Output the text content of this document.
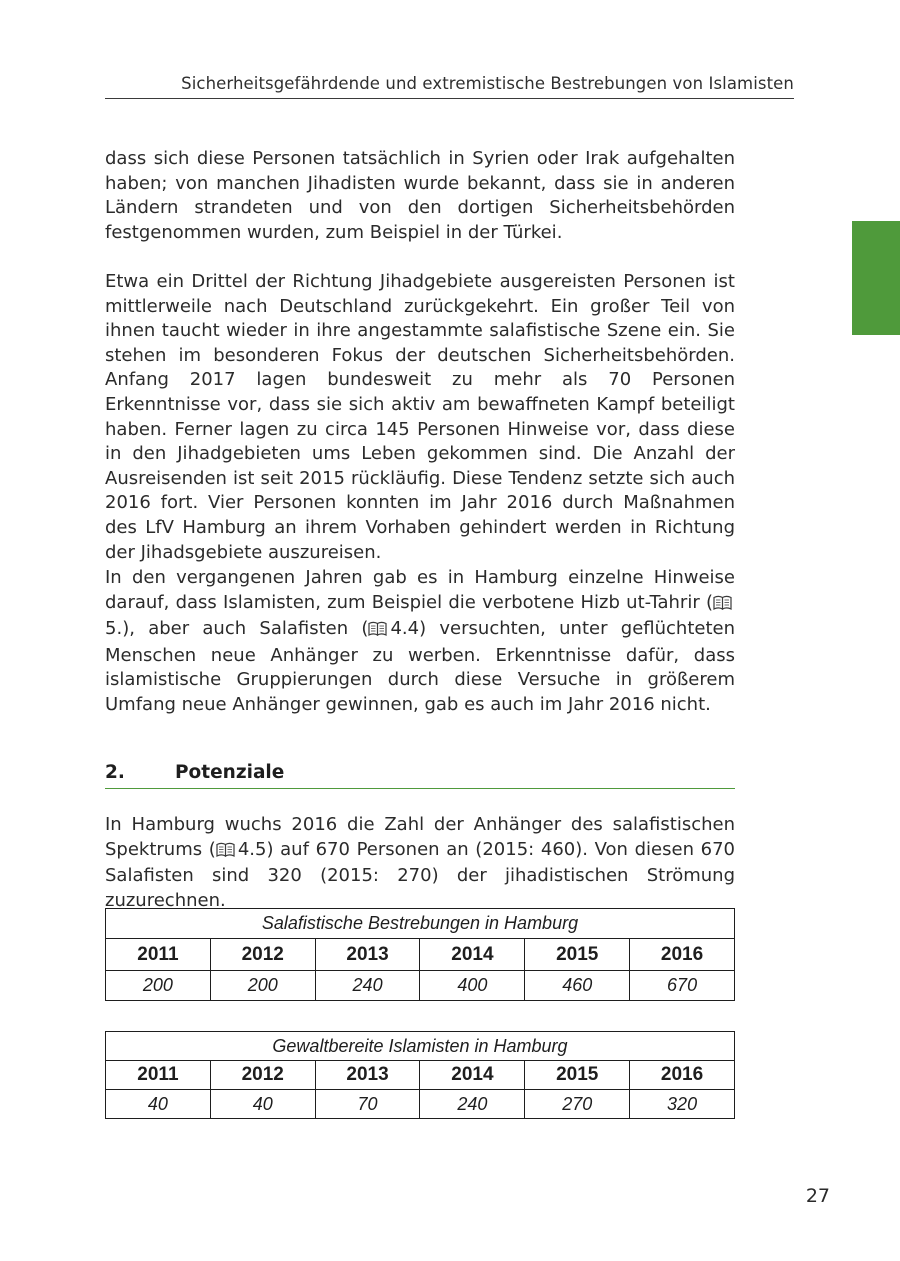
Sicherheitsgefährdende und extremistische Bestrebungen von Islamisten

dass sich diese Personen tatsächlich in Syrien oder Irak aufgehalten haben; von manchen Jihadisten wurde bekannt, dass sie in anderen Ländern strandeten und von den dortigen Sicherheitsbehörden festgenommen wurden, zum Beispiel in der Türkei.

Etwa ein Drittel der Richtung Jihadgebiete ausgereisten Personen ist mittlerweile nach Deutschland zurückgekehrt. Ein großer Teil von ihnen taucht wieder in ihre angestammte salafistische Szene ein. Sie stehen im besonderen Fokus der deutschen Sicherheitsbehörden. Anfang 2017 lagen bundesweit zu mehr als 70 Personen Erkenntnisse vor, dass sie sich aktiv am bewaffneten Kampf beteiligt haben. Ferner lagen zu circa 145 Personen Hinweise vor, dass diese in den Jihadgebieten ums Leben gekommen sind. Die Anzahl der Ausreisenden ist seit 2015 rückläufig. Diese Tendenz setzte sich auch 2016 fort. Vier Personen konnten im Jahr 2016 durch Maßnahmen des LfV Hamburg an ihrem Vorhaben gehindert werden in Richtung der Jihadsgebiete auszureisen.

In den vergangenen Jahren gab es in Hamburg einzelne Hinweise darauf, dass Islamisten, zum Beispiel die verbotene Hizb ut-Tahrir (5.), aber auch Salafisten ( 4.4) versuchten, unter geflüchteten Menschen neue Anhänger zu werben. Erkenntnisse dafür, dass islamistische Gruppierungen durch diese Versuche in größerem Umfang neue Anhänger gewinnen, gab es auch im Jahr 2016 nicht.

2.	Potenziale

In Hamburg wuchs 2016 die Zahl der Anhänger des salafistischen Spektrums ( 4.5) auf 670 Personen an (2015: 460). Von diesen 670 Salafisten sind 320 (2015: 270) der jihadistischen Strömung zuzurechnen.

Salafistische Bestrebungen in Hamburg					
2011	2012	2013	2014	2015	2016
200	200	240	400	460	670
Gewaltbereite Islamisten in Hamburg					
2011	2012	2013	2014	2015	2016
40	40	70	240	270	320
27
